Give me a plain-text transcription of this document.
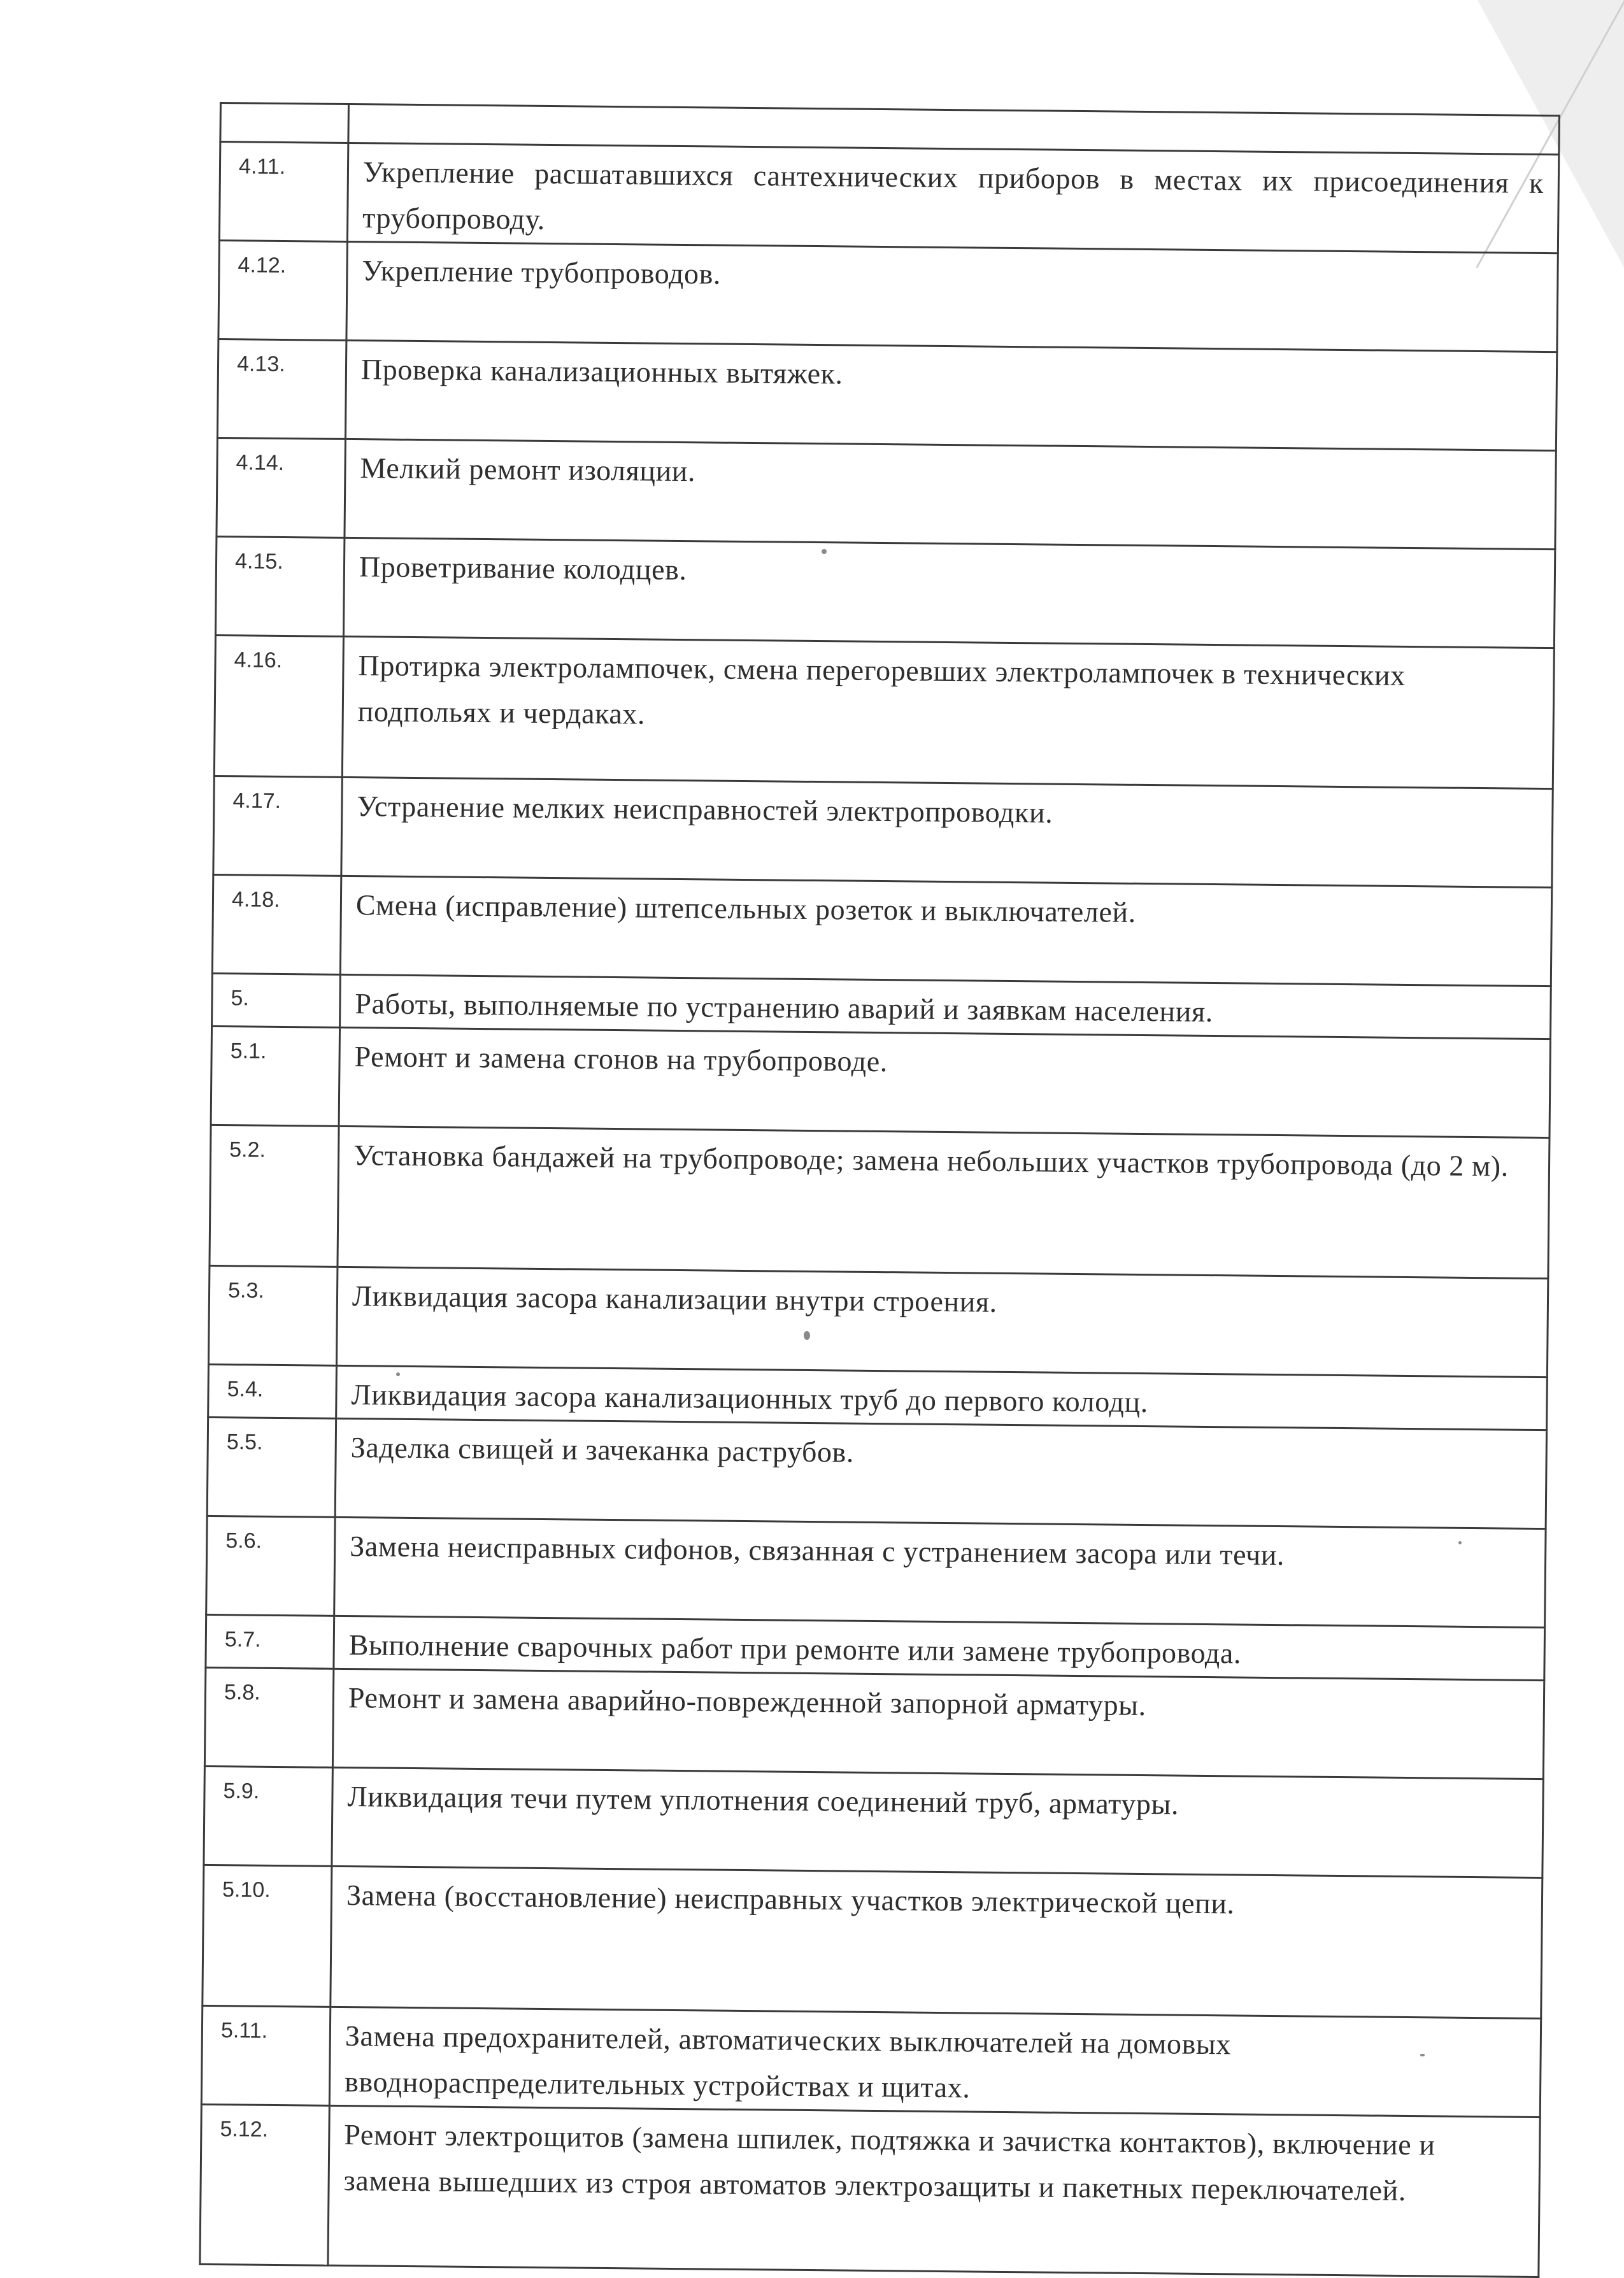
4.11.	Укрепление расшатавшихся сантехнических приборов в местах их присоединения к трубопроводу.
4.12.	Укрепление трубопроводов.
4.13.	Проверка канализационных вытяжек.
4.14.	Мелкий ремонт изоляции.
4.15.	Проветривание колодцев.
4.16.	Протирка электролампочек, смена перегоревших электролампочек в технических подпольях и чердаках.
4.17.	Устранение мелких неисправностей электропроводки.
4.18.	Смена (исправление) штепсельных розеток и выключателей.
5.	Работы, выполняемые по устранению аварий и заявкам населения.
5.1.	Ремонт и замена сгонов на трубопроводе.
5.2.	Установка бандажей на трубопроводе; замена небольших участков трубопровода (до 2 м).
5.3.	Ликвидация засора канализации внутри строения.
5.4.	Ликвидация засора канализационных труб до первого колодц.
5.5.	Заделка свищей и зачеканка раструбов.
5.6.	Замена неисправных сифонов, связанная с устранением засора или течи.
5.7.	Выполнение сварочных работ при ремонте или замене трубопровода.
5.8.	Ремонт и замена аварийно-поврежденной запорной арматуры.
5.9.	Ликвидация течи путем уплотнения соединений труб, арматуры.
5.10.	Замена (восстановление) неисправных участков электрической цепи.
5.11.	Замена предохранителей, автоматических выключателей на домовых вводнораспределительных устройствах и щитах.
5.12.	Ремонт электрощитов (замена шпилек, подтяжка и зачистка контактов), включение и замена вышедших из строя автоматов электрозащиты и пакетных переключателей.
